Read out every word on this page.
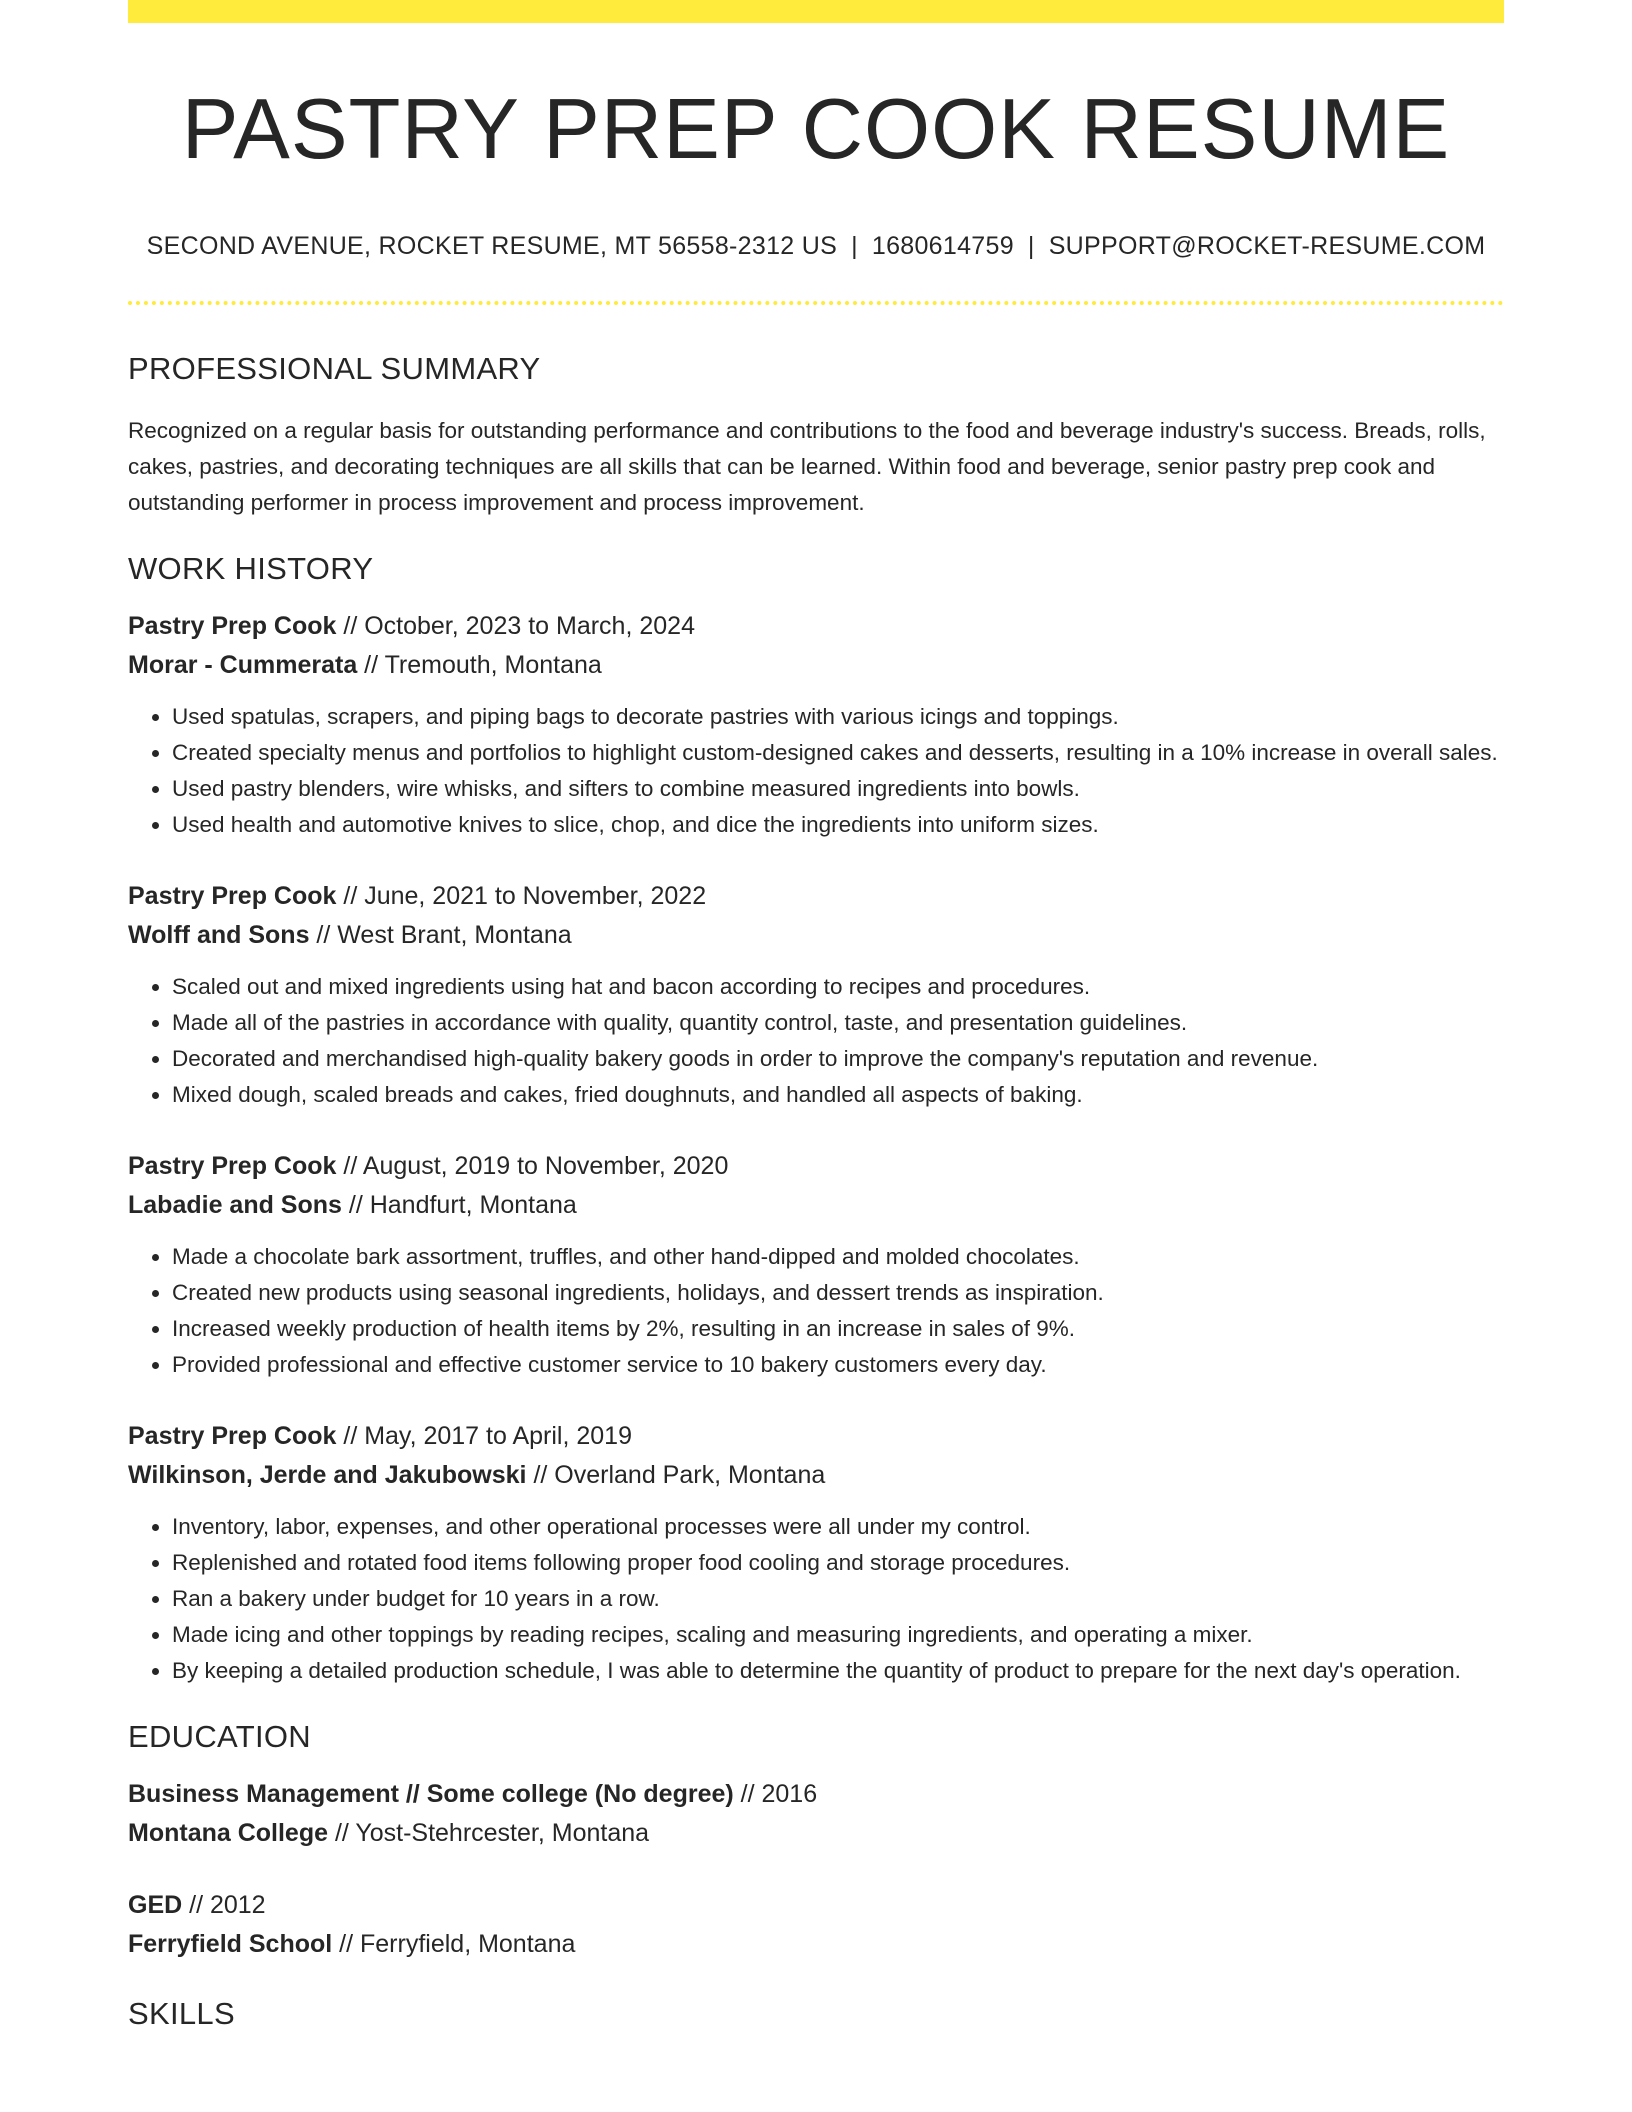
PASTRY PREP COOK RESUME
SECOND AVENUE, ROCKET RESUME, MT 56558-2312 US | 1680614759 | SUPPORT@ROCKET-RESUME.COM
PROFESSIONAL SUMMARY
Recognized on a regular basis for outstanding performance and contributions to the food and beverage industry's success. Breads, rolls, cakes, pastries, and decorating techniques are all skills that can be learned. Within food and beverage, senior pastry prep cook and outstanding performer in process improvement and process improvement.
WORK HISTORY
Pastry Prep Cook // October, 2023 to March, 2024
Morar - Cummerata // Tremouth, Montana
• Used spatulas, scrapers, and piping bags to decorate pastries with various icings and toppings.
• Created specialty menus and portfolios to highlight custom-designed cakes and desserts, resulting in a 10% increase in overall sales.
• Used pastry blenders, wire whisks, and sifters to combine measured ingredients into bowls.
• Used health and automotive knives to slice, chop, and dice the ingredients into uniform sizes.
Pastry Prep Cook // June, 2021 to November, 2022
Wolff and Sons // West Brant, Montana
• Scaled out and mixed ingredients using hat and bacon according to recipes and procedures.
• Made all of the pastries in accordance with quality, quantity control, taste, and presentation guidelines.
• Decorated and merchandised high-quality bakery goods in order to improve the company's reputation and revenue.
• Mixed dough, scaled breads and cakes, fried doughnuts, and handled all aspects of baking.
Pastry Prep Cook // August, 2019 to November, 2020
Labadie and Sons // Handfurt, Montana
• Made a chocolate bark assortment, truffles, and other hand-dipped and molded chocolates.
• Created new products using seasonal ingredients, holidays, and dessert trends as inspiration.
• Increased weekly production of health items by 2%, resulting in an increase in sales of 9%.
• Provided professional and effective customer service to 10 bakery customers every day.
Pastry Prep Cook // May, 2017 to April, 2019
Wilkinson, Jerde and Jakubowski // Overland Park, Montana
• Inventory, labor, expenses, and other operational processes were all under my control.
• Replenished and rotated food items following proper food cooling and storage procedures.
• Ran a bakery under budget for 10 years in a row.
• Made icing and other toppings by reading recipes, scaling and measuring ingredients, and operating a mixer.
• By keeping a detailed production schedule, I was able to determine the quantity of product to prepare for the next day's operation.
EDUCATION
Business Management // Some college (No degree) // 2016
Montana College // Yost-Stehrcester, Montana
GED // 2012
Ferryfield School // Ferryfield, Montana
SKILLS
